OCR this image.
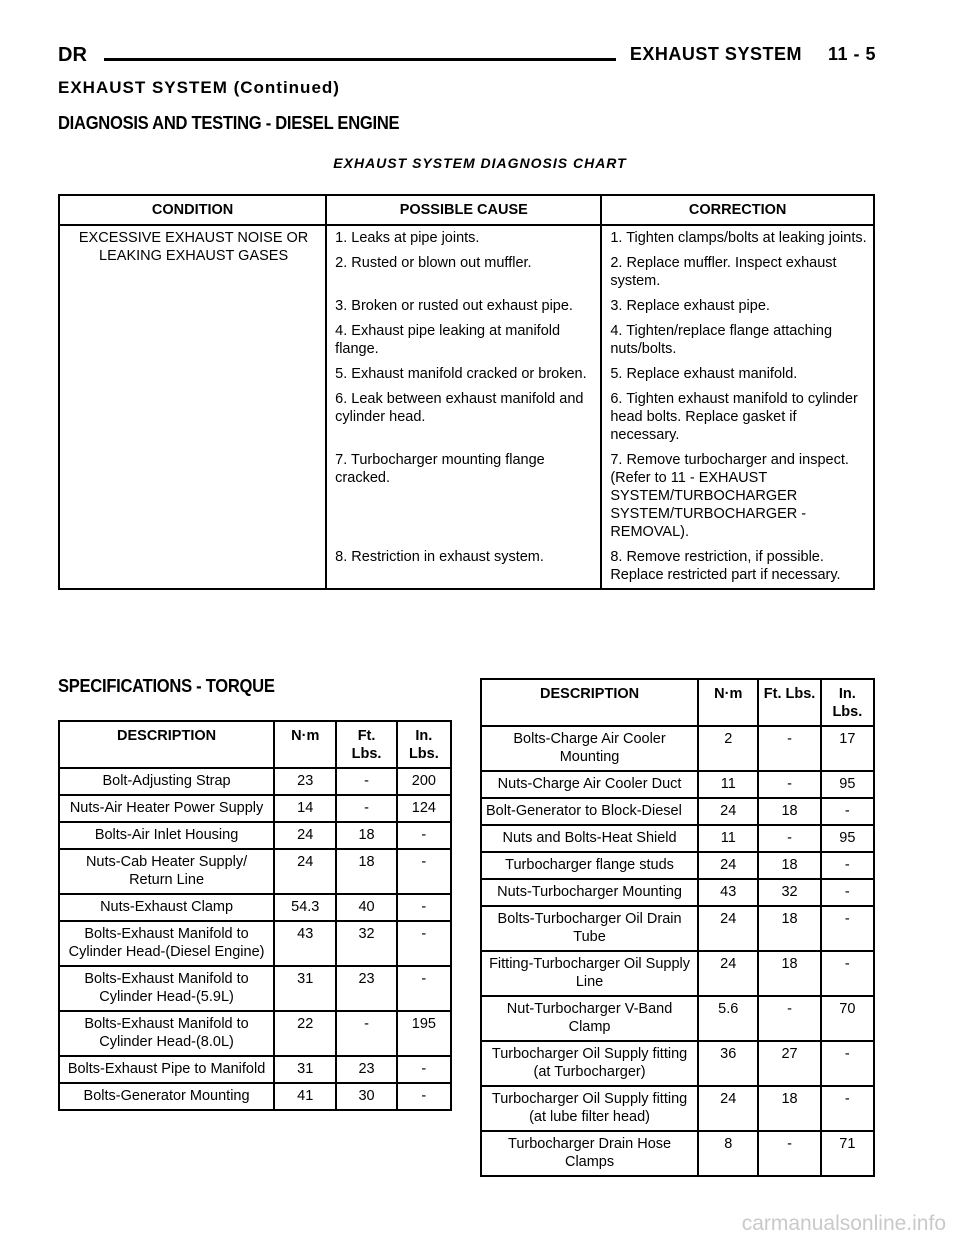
DR	EXHAUST SYSTEM 11 - 5
EXHAUST SYSTEM (Continued)
DIAGNOSIS AND TESTING - DIESEL ENGINE
EXHAUST SYSTEM DIAGNOSIS CHART
CONDITION	POSSIBLE CAUSE	CORRECTION
EXCESSIVE EXHAUST NOISE OR LEAKING EXHAUST GASES	1. Leaks at pipe joints.	1. Tighten clamps/bolts at leaking joints.
	2. Rusted or blown out muffler.	2. Replace muffler. Inspect exhaust system.
	3. Broken or rusted out exhaust pipe.	3. Replace exhaust pipe.
	4. Exhaust pipe leaking at manifold flange.	4. Tighten/replace flange attaching nuts/bolts.
	5. Exhaust manifold cracked or broken.	5. Replace exhaust manifold.
	6. Leak between exhaust manifold and cylinder head.	6. Tighten exhaust manifold to cylinder head bolts. Replace gasket if necessary.
	7. Turbocharger mounting flange cracked.	7. Remove turbocharger and inspect. (Refer to 11 - EXHAUST SYSTEM/TURBOCHARGER SYSTEM/TURBOCHARGER - REMOVAL).
	8. Restriction in exhaust system.	8. Remove restriction, if possible. Replace restricted part if necessary.
SPECIFICATIONS - TORQUE
DESCRIPTION	N·m	Ft. Lbs.	In. Lbs.
Bolt-Adjusting Strap	23	-	200
Nuts-Air Heater Power Supply	14	-	124
Bolts-Air Inlet Housing	24	18	-
Nuts-Cab Heater Supply/ Return Line	24	18	-
Nuts-Exhaust Clamp	54.3	40	-
Bolts-Exhaust Manifold to Cylinder Head-(Diesel Engine)	43	32	-
Bolts-Exhaust Manifold to Cylinder Head-(5.9L)	31	23	-
Bolts-Exhaust Manifold to Cylinder Head-(8.0L)	22	-	195
Bolts-Exhaust Pipe to Manifold	31	23	-
Bolts-Generator Mounting	41	30	-
DESCRIPTION	N·m	Ft. Lbs.	In. Lbs.
Bolts-Charge Air Cooler Mounting	2	-	17
Nuts-Charge Air Cooler Duct	11	-	95
Bolt-Generator to Block-Diesel	24	18	-
Nuts and Bolts-Heat Shield	11	-	95
Turbocharger flange studs	24	18	-
Nuts-Turbocharger Mounting	43	32	-
Bolts-Turbocharger Oil Drain Tube	24	18	-
Fitting-Turbocharger Oil Supply Line	24	18	-
Nut-Turbocharger V-Band Clamp	5.6	-	70
Turbocharger Oil Supply fitting (at Turbocharger)	36	27	-
Turbocharger Oil Supply fitting (at lube filter head)	24	18	-
Turbocharger Drain Hose Clamps	8	-	71
carmanualsonline.info
